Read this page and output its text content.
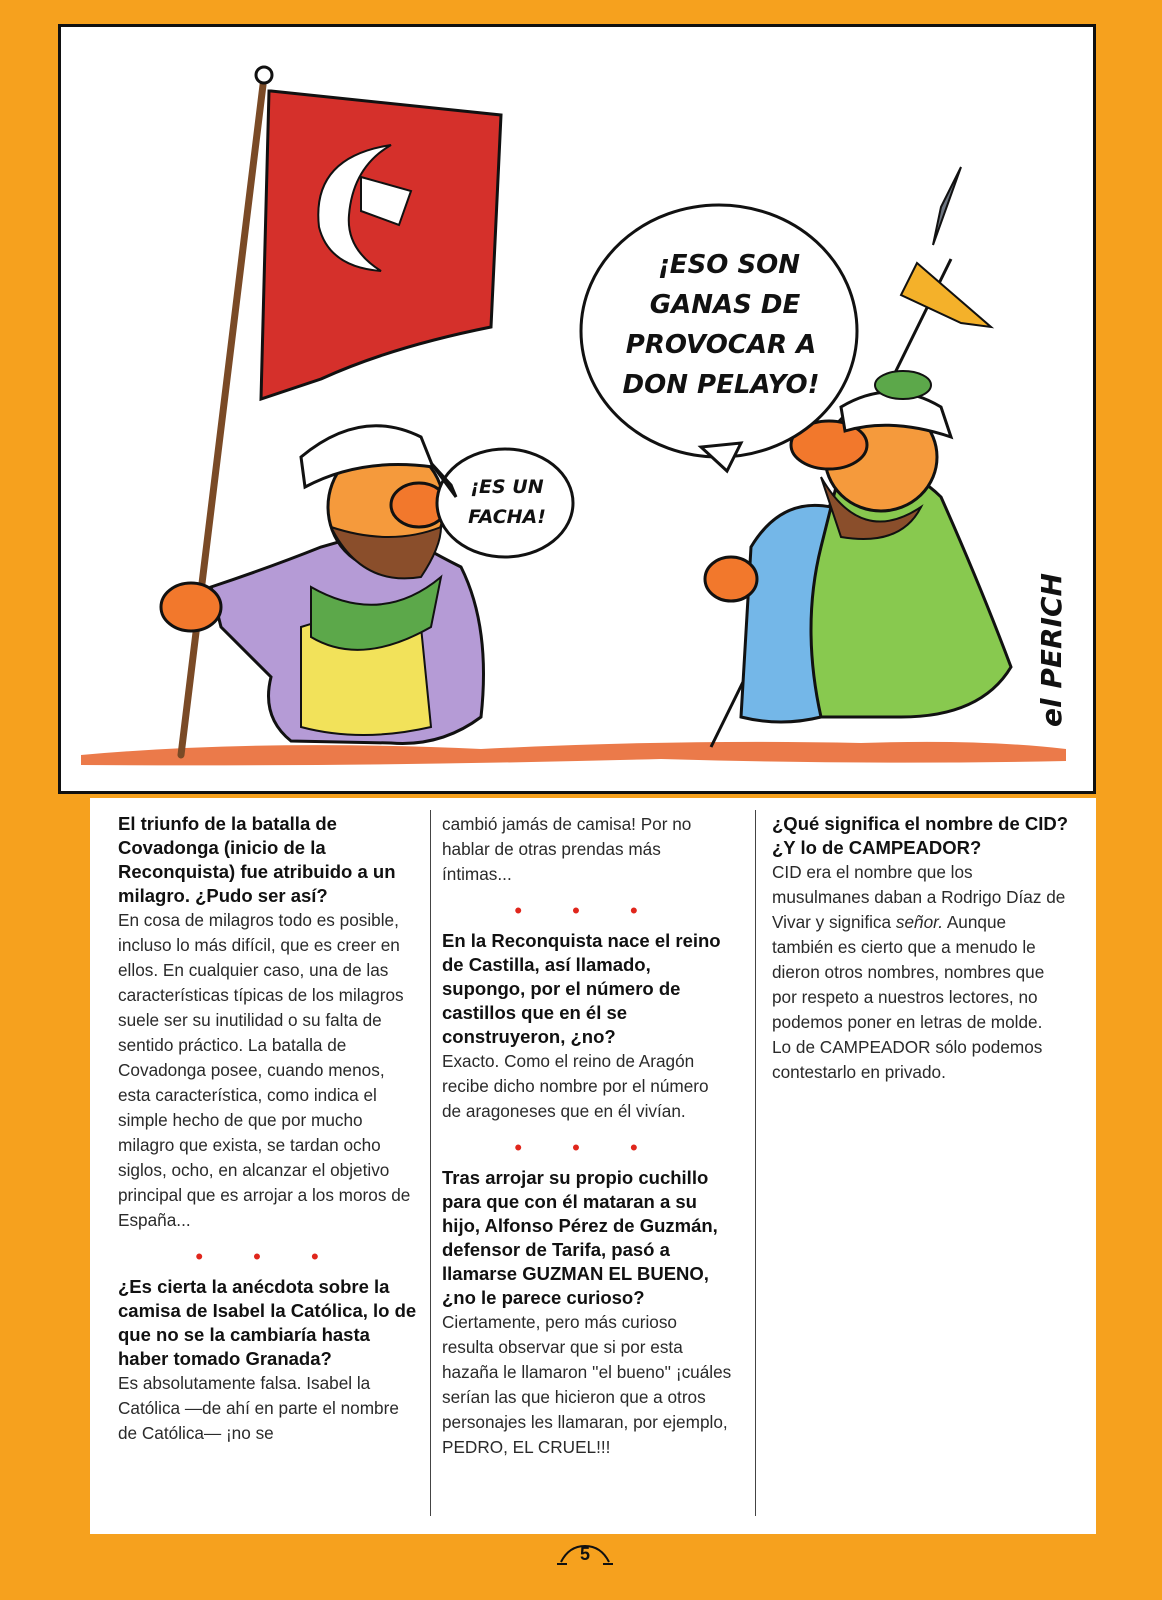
¡ES UN
FACHA!
¡ESO SON
GANAS DE
PROVOCAR A
DON PELAYO!
el PERICH

El triunfo de la batalla de Covadonga (inicio de la Reconquista) fue atribuido a un milagro. ¿Pudo ser así?

En cosa de milagros todo es posible, incluso lo más difícil, que es creer en ellos. En cualquier caso, una de las características típicas de los milagros suele ser su inutilidad o su falta de sentido práctico. La batalla de Covadonga posee, cuando menos, esta característica, como indica el simple hecho de que por mucho milagro que exista, se tardan ocho siglos, ocho, en alcanzar el objetivo principal que es arrojar a los moros de España...

• • •

¿Es cierta la anécdota sobre la camisa de Isabel la Católica, lo de que no se la cambiaría hasta haber tomado Granada?

Es absolutamente falsa. Isabel la Católica —de ahí en parte el nombre de Católica— ¡no se

cambió jamás de camisa! Por no hablar de otras prendas más íntimas...

• • •

En la Reconquista nace el reino de Castilla, así llamado, supongo, por el número de castillos que en él se construyeron, ¿no?

Exacto. Como el reino de Aragón recibe dicho nombre por el número de aragoneses que en él vivían.

• • •

Tras arrojar su propio cuchillo para que con él mataran a su hijo, Alfonso Pérez de Guzmán, defensor de Tarifa, pasó a llamarse GUZMAN EL BUENO, ¿no le parece curioso?

Ciertamente, pero más curioso resulta observar que si por esta hazaña le llamaron ''el bueno'' ¡cuáles serían las que hicieron que a otros personajes les llamaran, por ejemplo, PEDRO, EL CRUEL!!!

¿Qué significa el nombre de CID? ¿Y lo de CAMPEADOR?

CID era el nombre que los musulmanes daban a Rodrigo Díaz de Vivar y significa señor. Aunque también es cierto que a menudo le dieron otros nombres, nombres que por respeto a nuestros lectores, no podemos poner en letras de molde.

Lo de CAMPEADOR sólo podemos contestarlo en privado.

5
